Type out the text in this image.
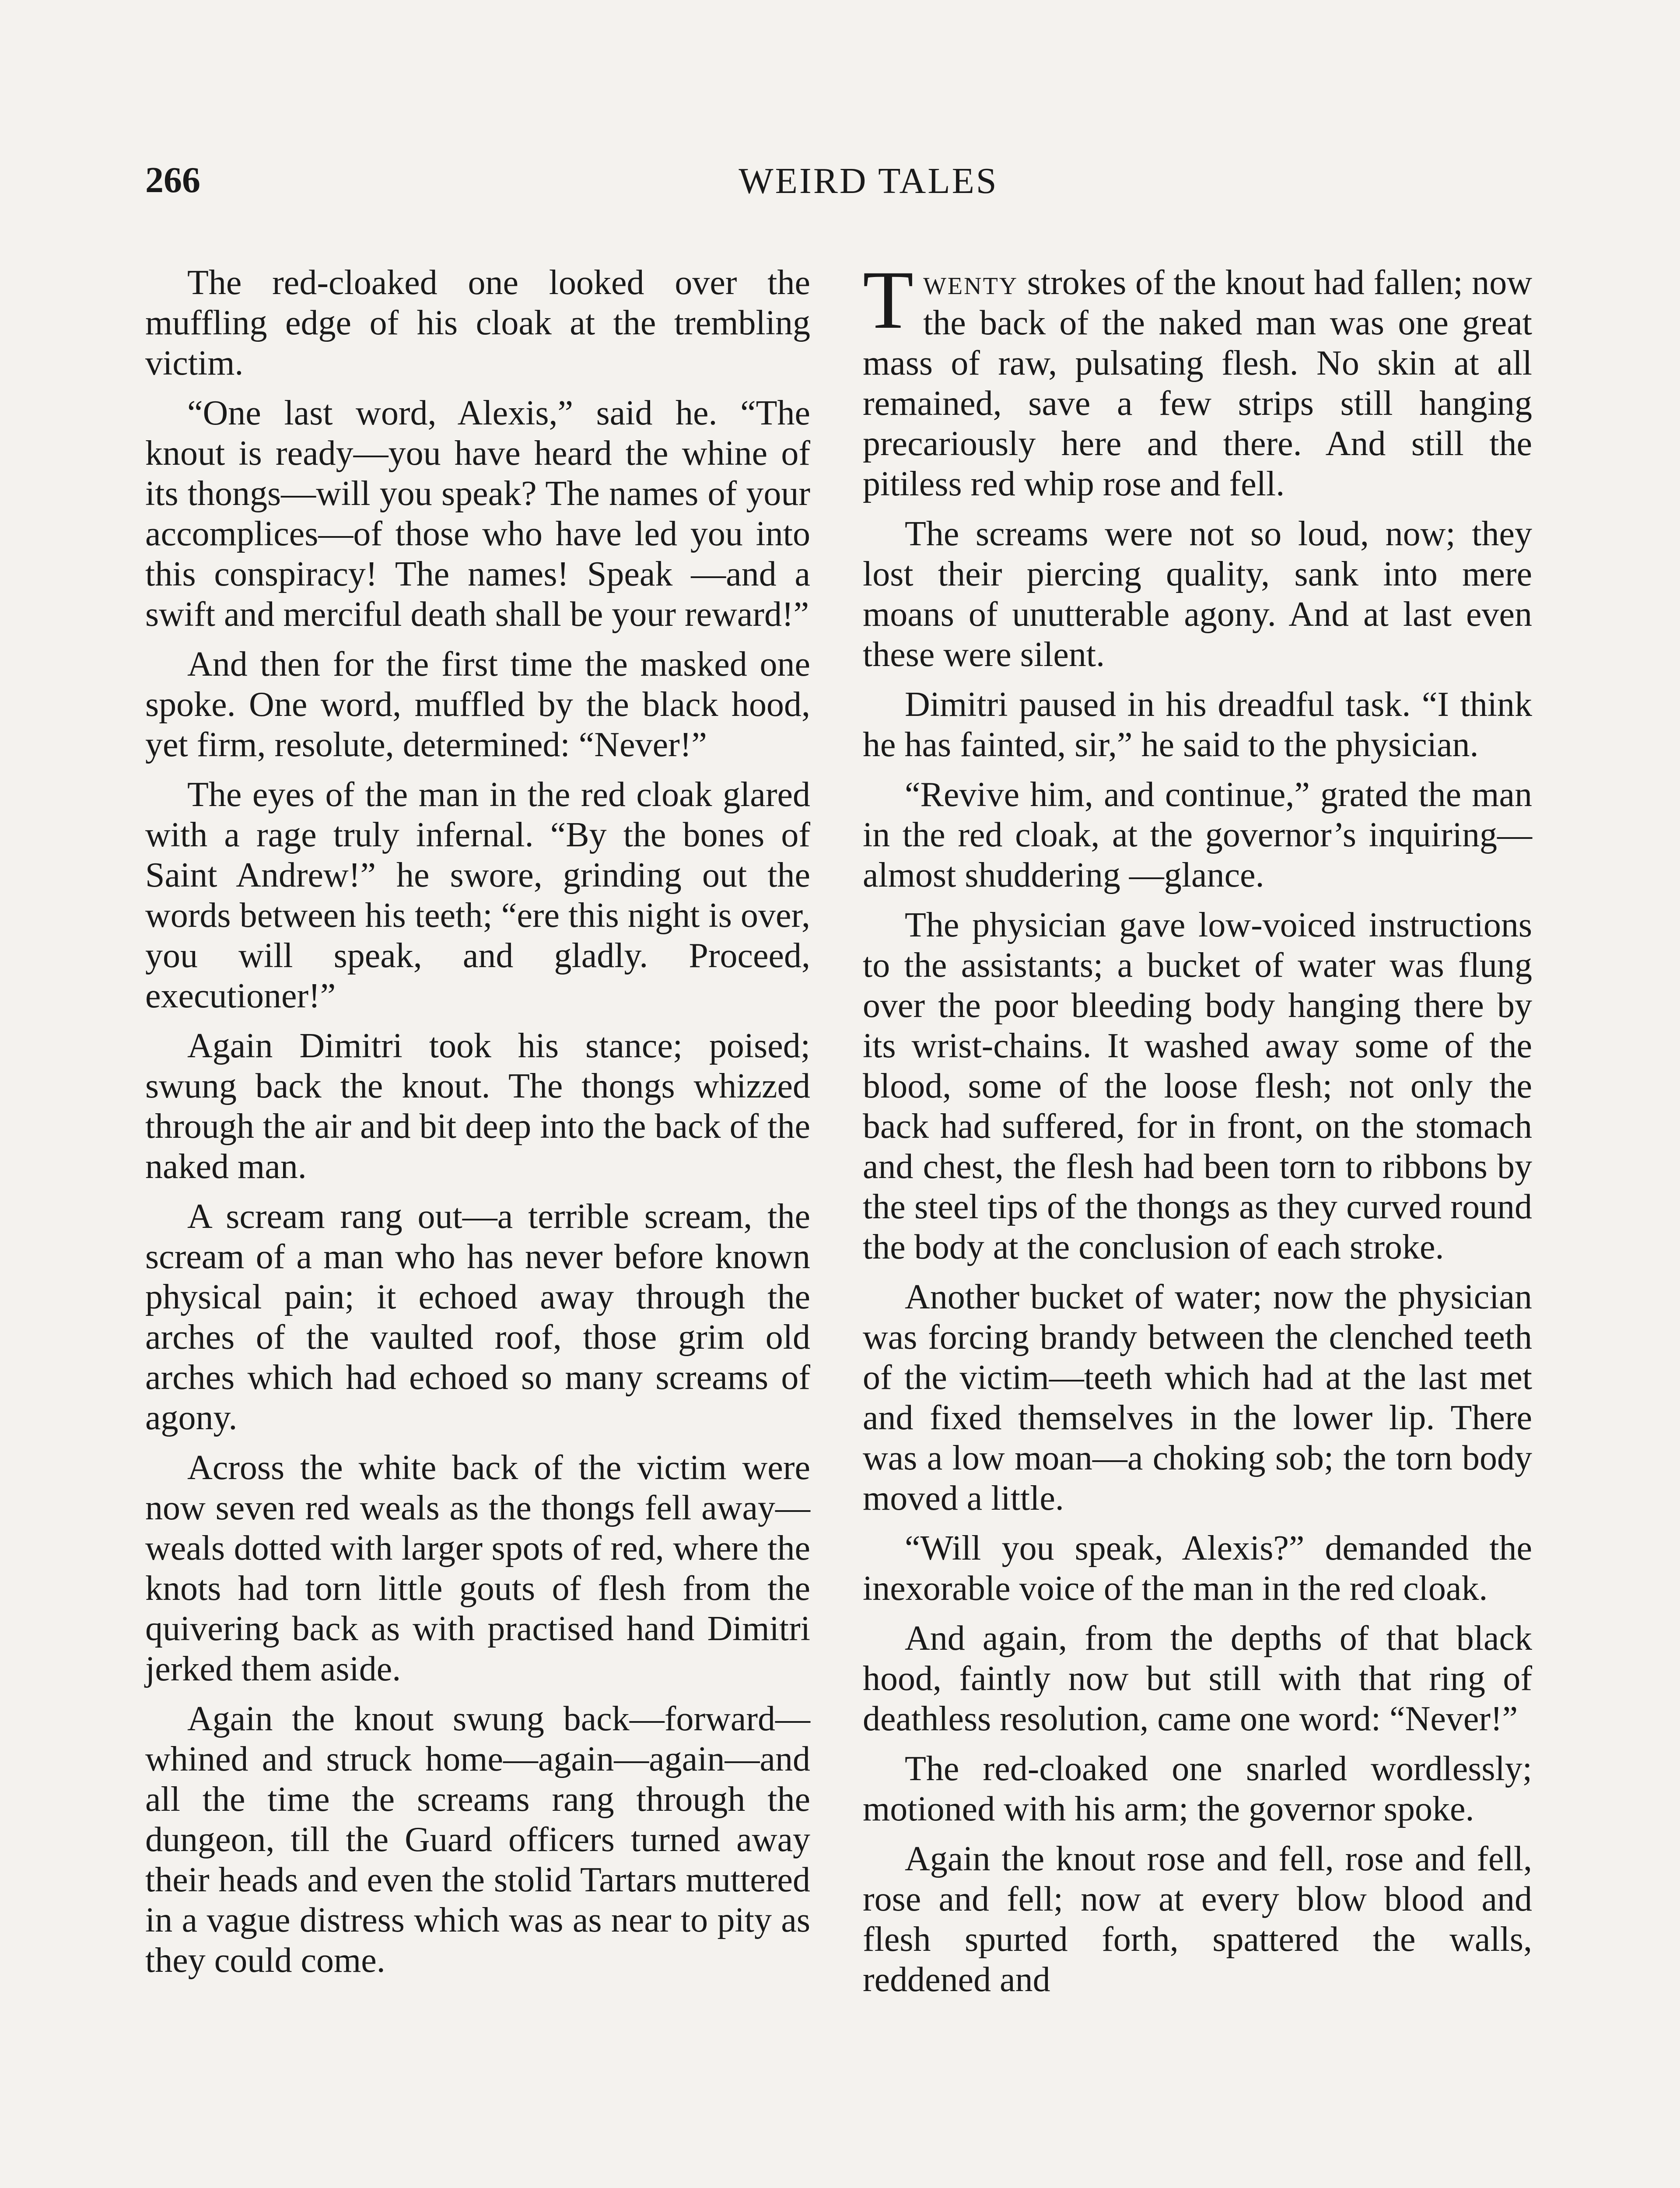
266	WEIRD TALES

The red-cloaked one looked over the muffling edge of his cloak at the trembling victim.

“One last word, Alexis,” said he. “The knout is ready—you have heard the whine of its thongs—will you speak? The names of your accomplices—of those who have led you into this conspiracy! The names! Speak —and a swift and merciful death shall be your reward!”

And then for the first time the masked one spoke. One word, muffled by the black hood, yet firm, resolute, determined: “Never!”

The eyes of the man in the red cloak glared with a rage truly infernal. “By the bones of Saint Andrew!” he swore, grinding out the words between his teeth; “ere this night is over, you will speak, and gladly. Proceed, executioner!”

Again Dimitri took his stance; poised; swung back the knout. The thongs whizzed through the air and bit deep into the back of the naked man.

A scream rang out—a terrible scream, the scream of a man who has never before known physical pain; it echoed away through the arches of the vaulted roof, those grim old arches which had echoed so many screams of agony.

Across the white back of the victim were now seven red weals as the thongs fell away—weals dotted with larger spots of red, where the knots had torn little gouts of flesh from the quivering back as with practised hand Dimitri jerked them aside.

Again the knout swung back—forward—whined and struck home—again—again—and all the time the screams rang through the dungeon, till the Guard officers turned away their heads and even the stolid Tartars muttered in a vague distress which was as near to pity as they could come.

Twenty strokes of the knout had fallen; now the back of the naked man was one great mass of raw, pulsating flesh. No skin at all remained, save a few strips still hanging precariously here and there. And still the pitiless red whip rose and fell.

The screams were not so loud, now; they lost their piercing quality, sank into mere moans of unutterable agony. And at last even these were silent.

Dimitri paused in his dreadful task. “I think he has fainted, sir,” he said to the physician.

“Revive him, and continue,” grated the man in the red cloak, at the governor’s inquiring—almost shuddering —glance.

The physician gave low-voiced instructions to the assistants; a bucket of water was flung over the poor bleeding body hanging there by its wrist-chains. It washed away some of the blood, some of the loose flesh; not only the back had suffered, for in front, on the stomach and chest, the flesh had been torn to ribbons by the steel tips of the thongs as they curved round the body at the conclusion of each stroke.

Another bucket of water; now the physician was forcing brandy between the clenched teeth of the victim—teeth which had at the last met and fixed themselves in the lower lip. There was a low moan—a choking sob; the torn body moved a little.

“Will you speak, Alexis?” demanded the inexorable voice of the man in the red cloak.

And again, from the depths of that black hood, faintly now but still with that ring of deathless resolution, came one word: “Never!”

The red-cloaked one snarled wordlessly; motioned with his arm; the governor spoke.

Again the knout rose and fell, rose and fell, rose and fell; now at every blow blood and flesh spurted forth, spattered the walls, reddened and
